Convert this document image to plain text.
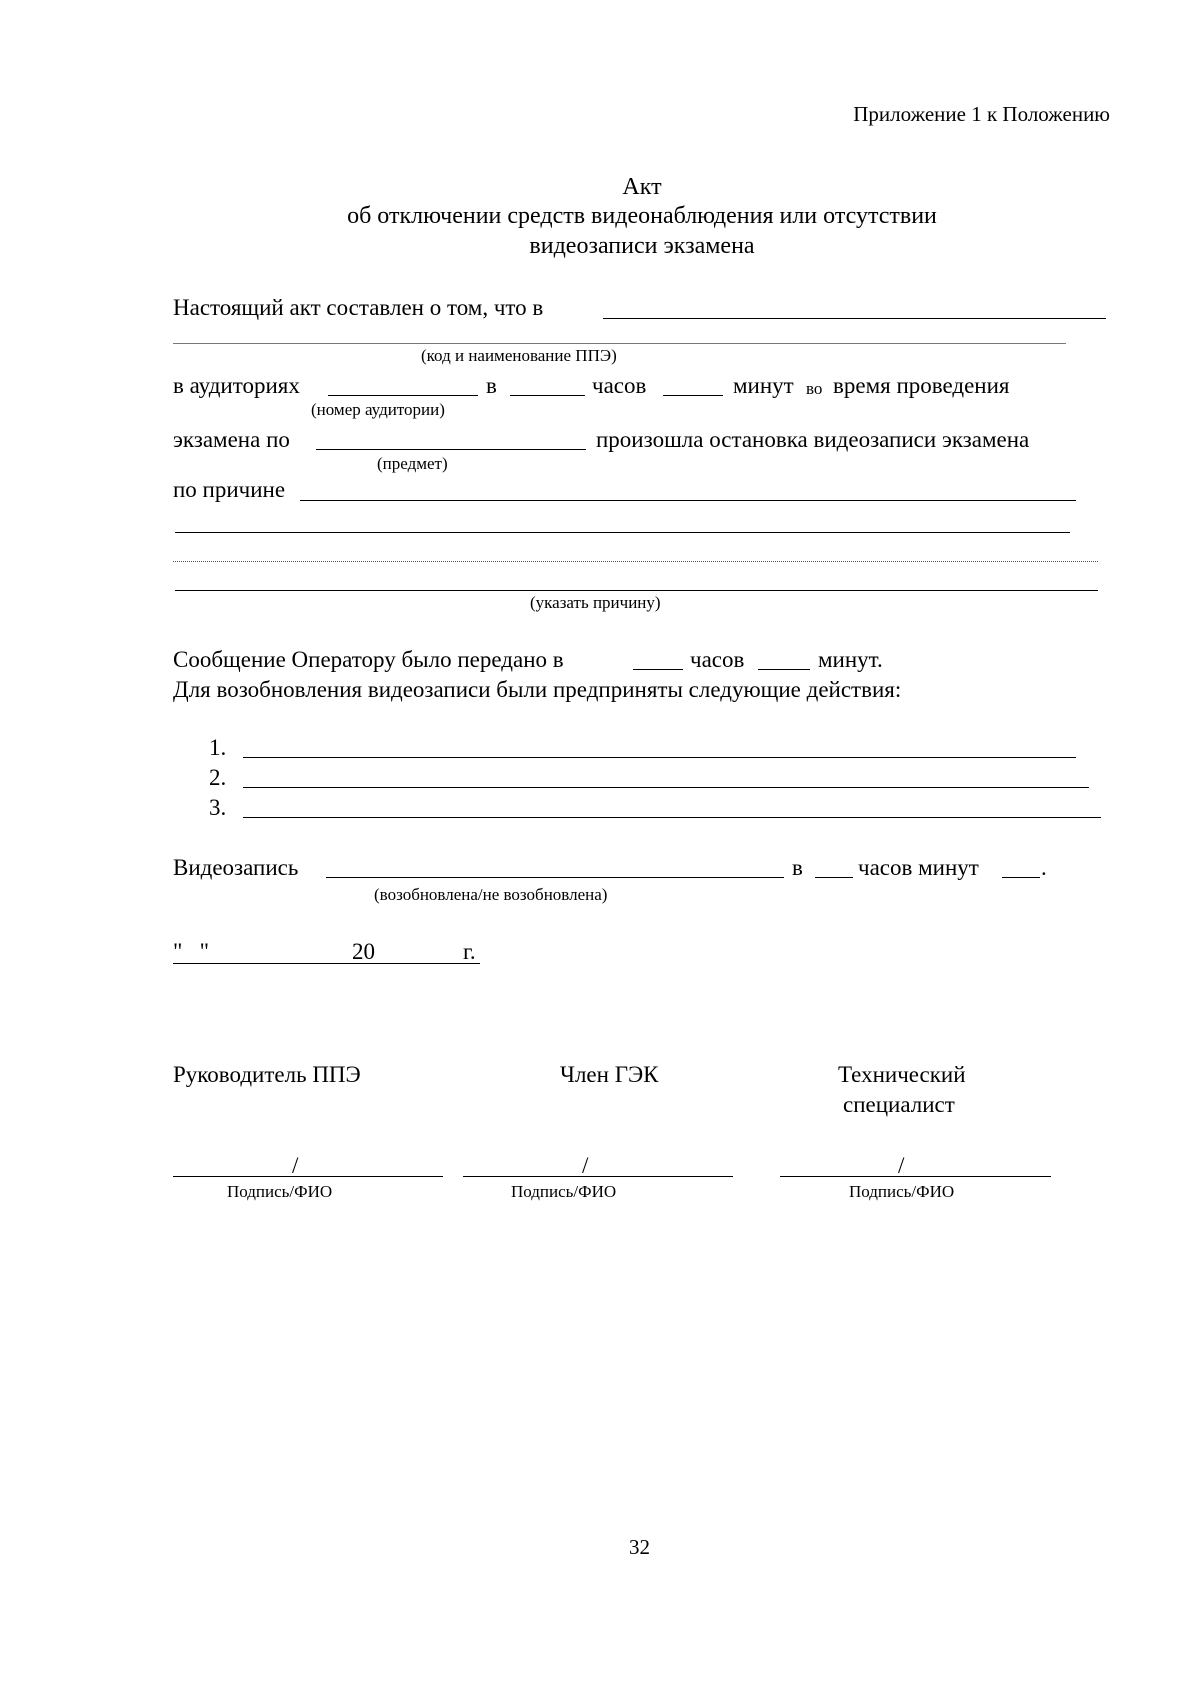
Приложение 1 к Положению
Акт
об отключении средств видеонаблюдения или отсутствии
видеозаписи экзамена
Настоящий акт составлен о том, что в
(код и наименование ППЭ)
в аудиториях	в	часов	минут во время проведения
(номер аудитории)
экзамена по	произошла остановка видеозаписи экзамена
(предмет)
по причине
(указать причину)
Сообщение Оператору было передано в	часов	минут.
Для возобновления видеозаписи были предприняты следующие действия:
1.
2.
3.
Видеозапись	в часов минут	.
(возобновлена/не возобновлена)
"   "	20	г.
Руководитель ППЭ	Член ГЭК	Технический
специалист
/
Подпись/ФИО
/
Подпись/ФИО
/
Подпись/ФИО
32
